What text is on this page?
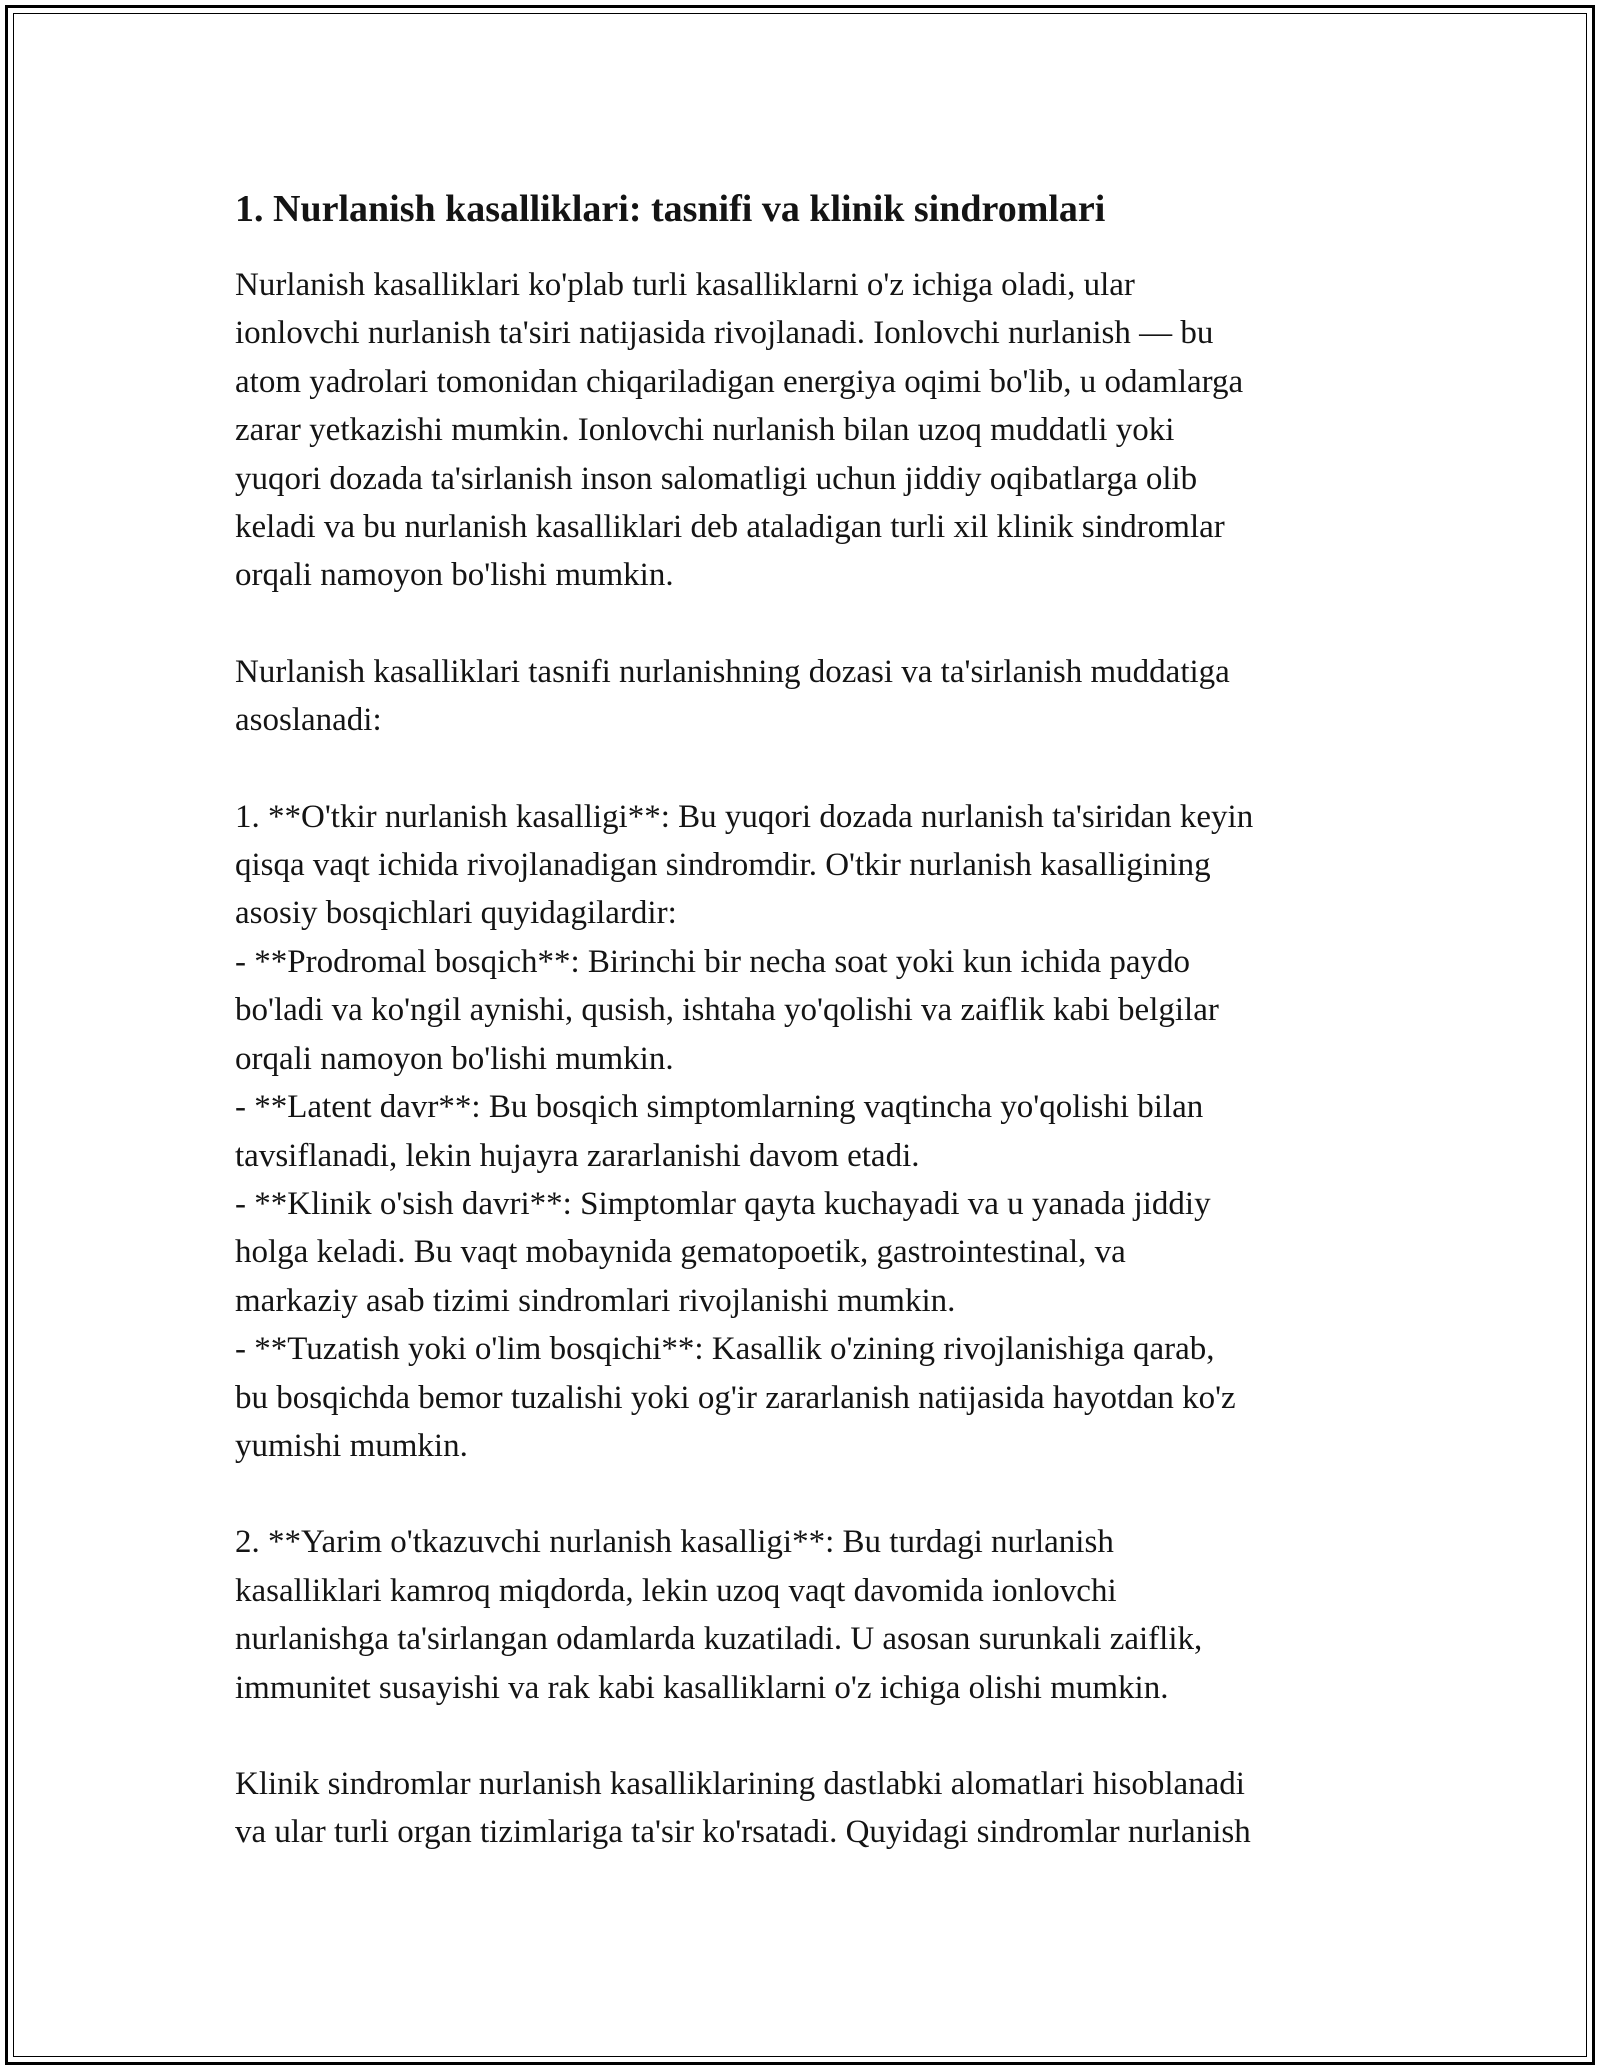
1. Nurlanish kasalliklari: tasnifi va klinik sindromlari

Nurlanish kasalliklari ko'plab turli kasalliklarni o'z ichiga oladi, ular
ionlovchi nurlanish ta'siri natijasida rivojlanadi. Ionlovchi nurlanish — bu
atom yadrolari tomonidan chiqariladigan energiya oqimi bo'lib, u odamlarga
zarar yetkazishi mumkin. Ionlovchi nurlanish bilan uzoq muddatli yoki
yuqori dozada ta'sirlanish inson salomatligi uchun jiddiy oqibatlarga olib
keladi va bu nurlanish kasalliklari deb ataladigan turli xil klinik sindromlar
orqali namoyon bo'lishi mumkin.

Nurlanish kasalliklari tasnifi nurlanishning dozasi va ta'sirlanish muddatiga
asoslanadi:

1. **O'tkir nurlanish kasalligi**: Bu yuqori dozada nurlanish ta'siridan keyin
qisqa vaqt ichida rivojlanadigan sindromdir. O'tkir nurlanish kasalligining
asosiy bosqichlari quyidagilardir:
- **Prodromal bosqich**: Birinchi bir necha soat yoki kun ichida paydo
bo'ladi va ko'ngil aynishi, qusish, ishtaha yo'qolishi va zaiflik kabi belgilar
orqali namoyon bo'lishi mumkin.
- **Latent davr**: Bu bosqich simptomlarning vaqtincha yo'qolishi bilan
tavsiflanadi, lekin hujayra zararlanishi davom etadi.
- **Klinik o'sish davri**: Simptomlar qayta kuchayadi va u yanada jiddiy
holga keladi. Bu vaqt mobaynida gematopoetik, gastrointestinal, va
markaziy asab tizimi sindromlari rivojlanishi mumkin.
- **Tuzatish yoki o'lim bosqichi**: Kasallik o'zining rivojlanishiga qarab,
bu bosqichda bemor tuzalishi yoki og'ir zararlanish natijasida hayotdan ko'z
yumishi mumkin.

2. **Yarim o'tkazuvchi nurlanish kasalligi**: Bu turdagi nurlanish
kasalliklari kamroq miqdorda, lekin uzoq vaqt davomida ionlovchi
nurlanishga ta'sirlangan odamlarda kuzatiladi. U asosan surunkali zaiflik,
immunitet susayishi va rak kabi kasalliklarni o'z ichiga olishi mumkin.

Klinik sindromlar nurlanish kasalliklarining dastlabki alomatlari hisoblanadi
va ular turli organ tizimlariga ta'sir ko'rsatadi. Quyidagi sindromlar nurlanish
